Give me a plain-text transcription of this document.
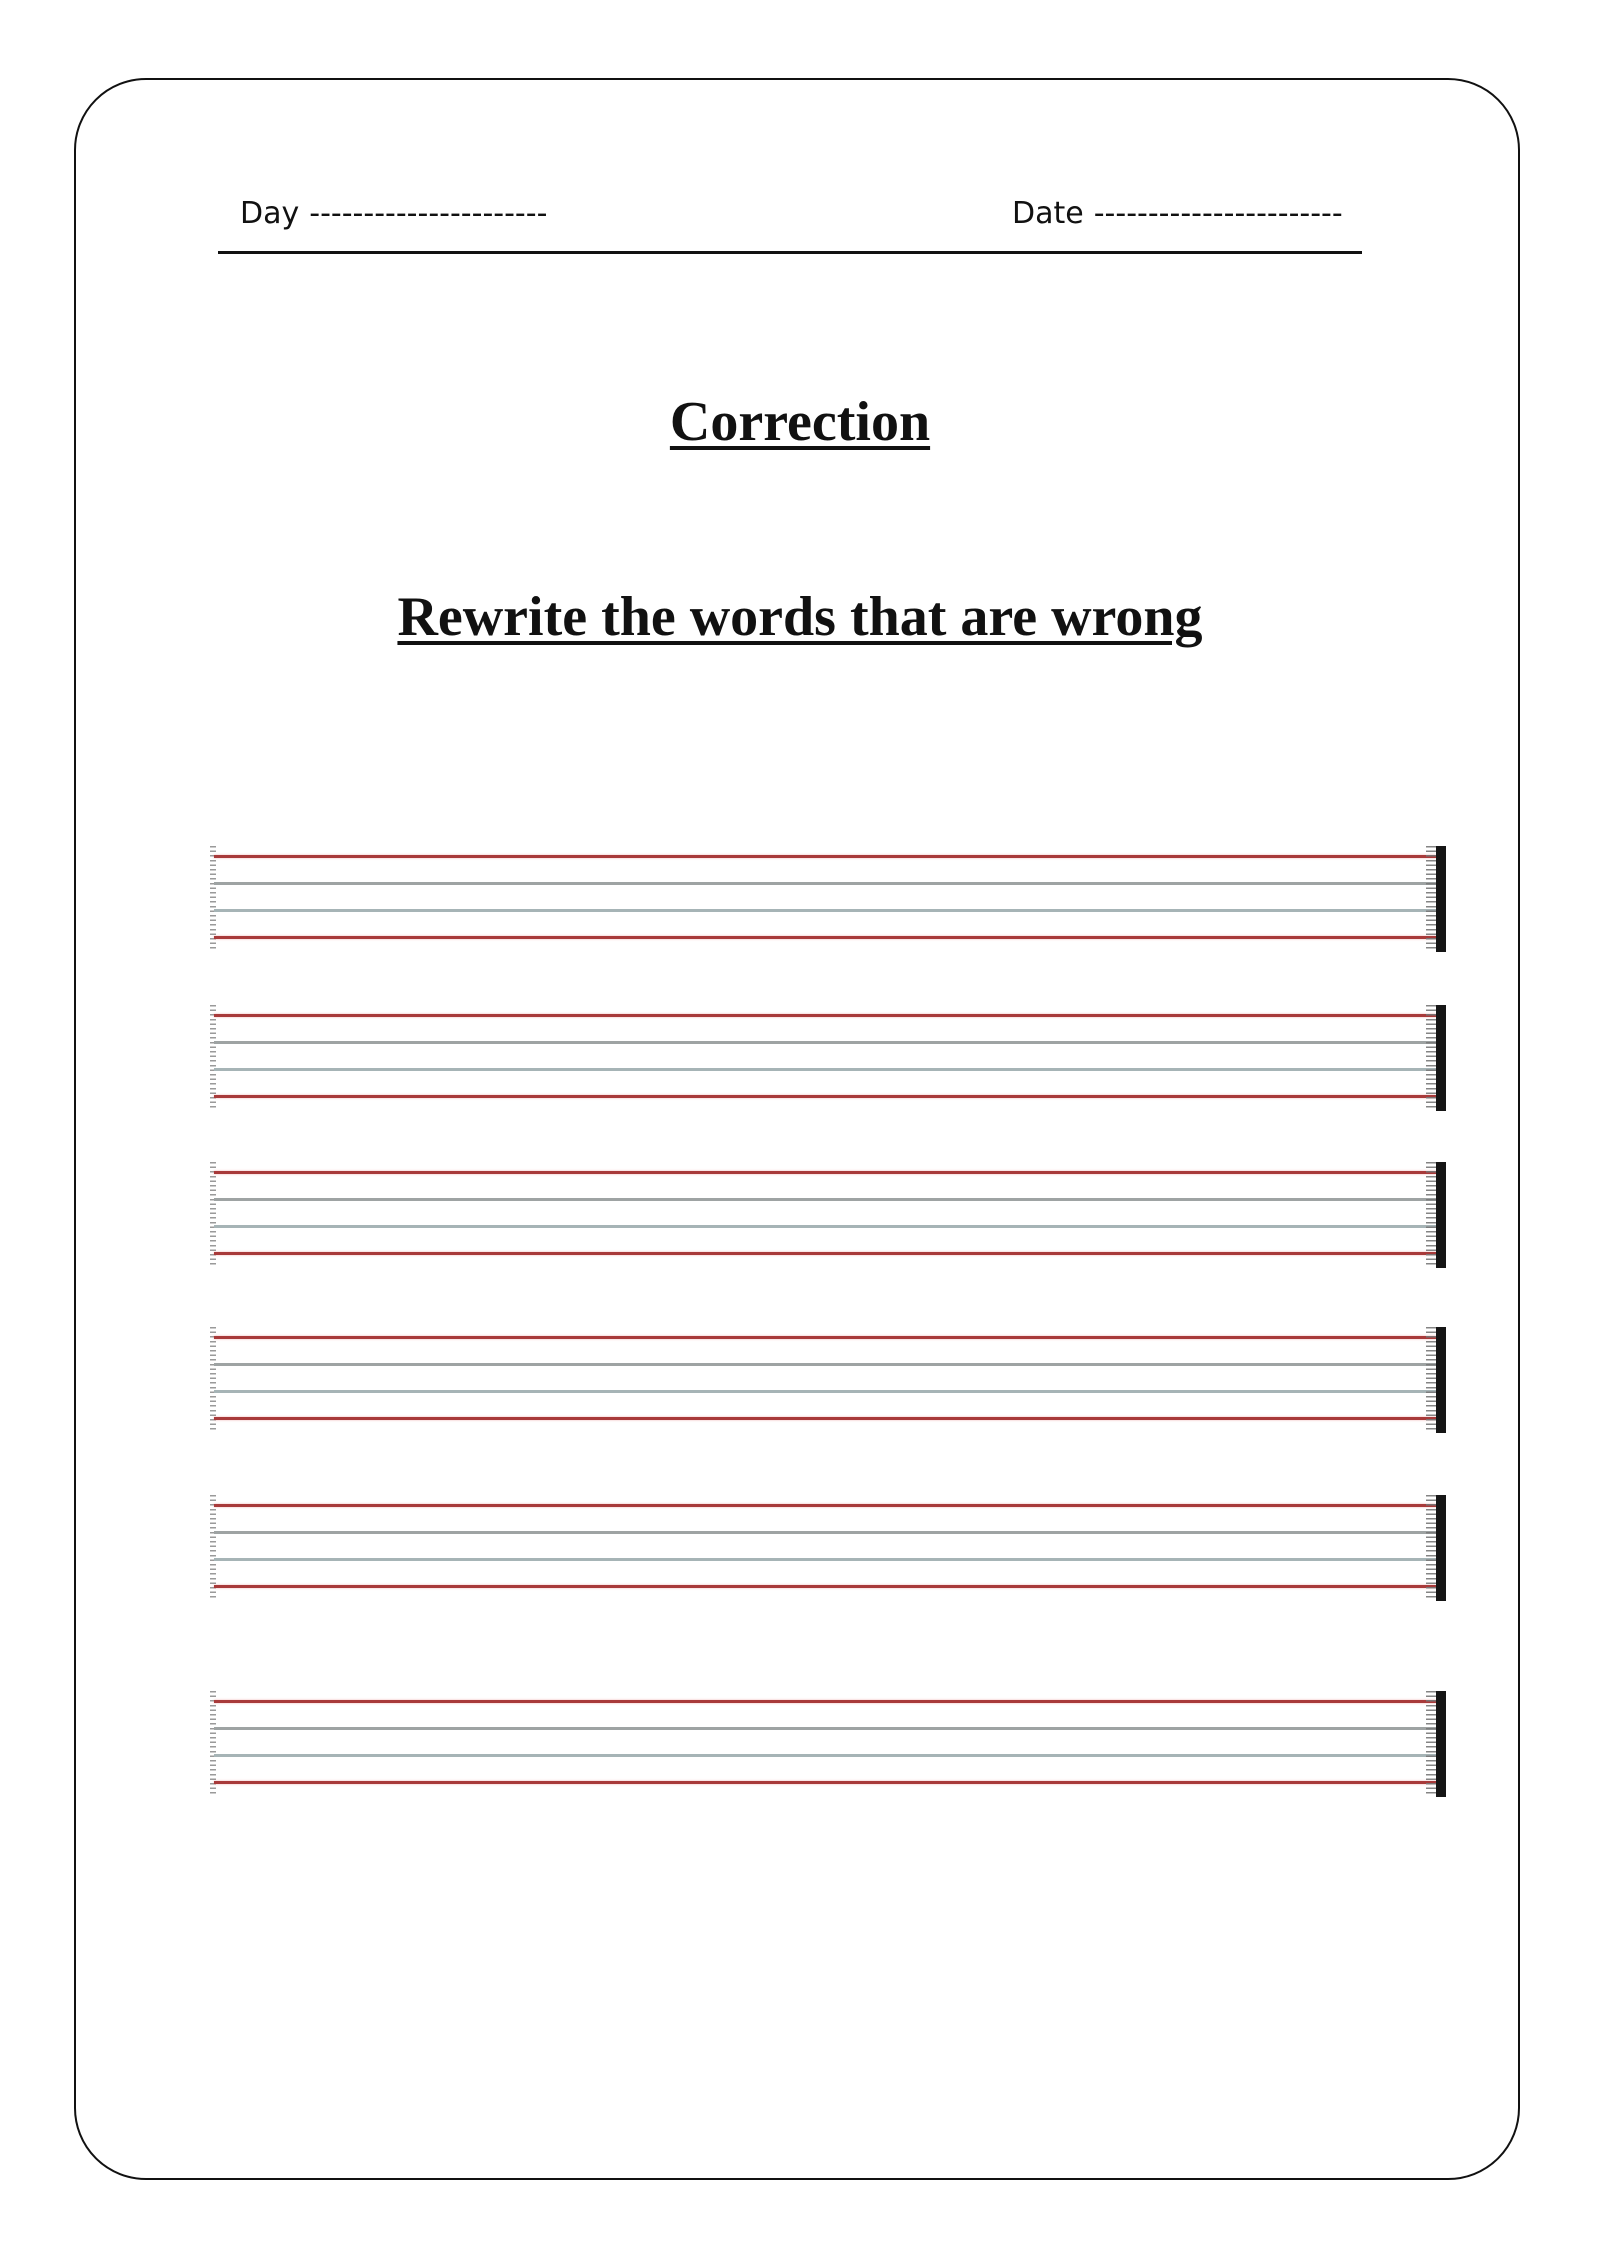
Day ----------------------	Date -----------------------
Correction
Rewrite the words that are wrong
